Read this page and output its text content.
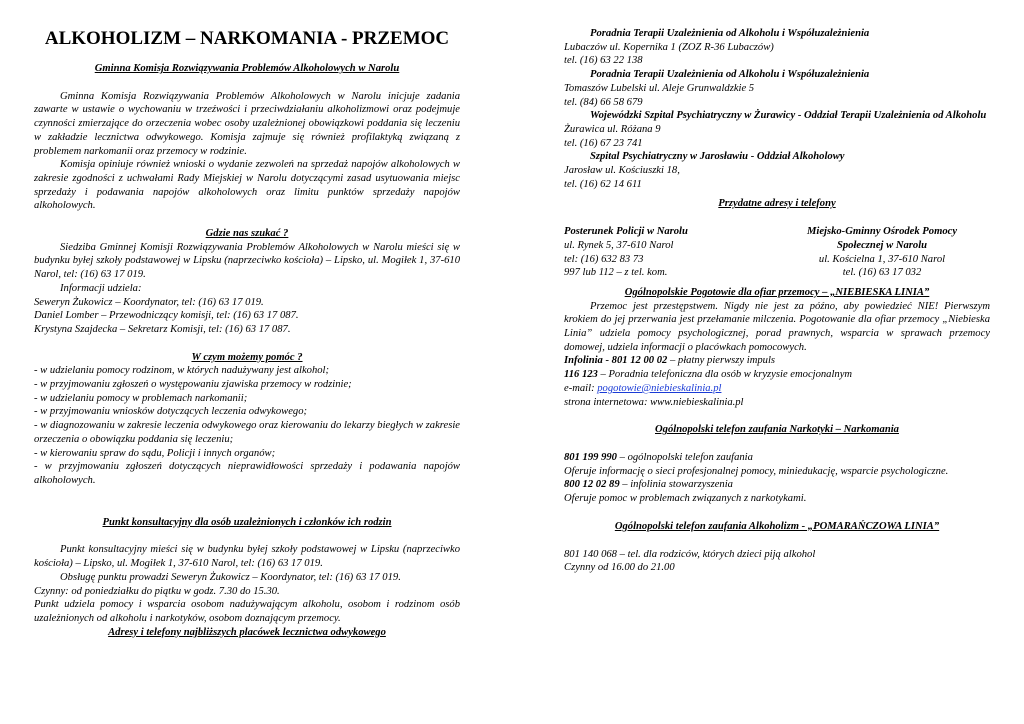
ALKOHOLIZM – NARKOMANIA - PRZEMOC

Gminna Komisja Rozwiązywania Problemów Alkoholowych w Narolu

Gminna Komisja Rozwiązywania Problemów Alkoholowych w Narolu inicjuje zadania zawarte w ustawie o wychowaniu w trzeźwości i przeciwdziałaniu alkoholizmowi oraz podejmuje czynności zmierzające do orzeczenia wobec osoby uzależnionej obowiązkowi poddania się leczeniu w zakładzie lecznictwa odwykowego. Komisja zajmuje się również profilaktyką związaną z problemem narkomanii oraz przemocy w rodzinie.

Komisja opiniuje również wnioski o wydanie zezwoleń na sprzedaż napojów alkoholowych w zakresie zgodności z uchwałami Rady Miejskiej w Narolu dotyczącymi zasad usytuowania miejsc sprzedaży i podawania napojów alkoholowych oraz limitu punktów sprzedaży napojów alkoholowych.

Gdzie nas szukać ?

Siedziba Gminnej Komisji Rozwiązywania Problemów Alkoholowych w Narolu mieści się w budynku byłej szkoły podstawowej w Lipsku (naprzeciwko kościoła) – Lipsko, ul. Mogiłek 1, 37-610 Narol, tel: (16) 63 17 019.

Informacji udziela:

Seweryn Żukowicz – Koordynator, tel: (16) 63 17 019.

Daniel Lomber – Przewodniczący komisji, tel: (16) 63 17 087.

Krystyna Szajdecka – Sekretarz Komisji, tel: (16) 63 17 087.

W czym możemy pomóc ?

- w udzielaniu pomocy rodzinom, w których nadużywany jest alkohol;

- w przyjmowaniu zgłoszeń o występowaniu zjawiska przemocy w rodzinie;

- w udzielaniu pomocy w problemach narkomanii;

- w przyjmowaniu wniosków dotyczących leczenia odwykowego;

- w diagnozowaniu w zakresie leczenia odwykowego oraz kierowaniu do lekarzy biegłych w zakresie orzeczenia o obowiązku poddania się leczeniu;

- w kierowaniu spraw do sądu, Policji i innych organów;

- w przyjmowaniu zgłoszeń dotyczących nieprawidłowości sprzedaży i podawania napojów alkoholowych.

Punkt konsultacyjny dla osób uzależnionych i członków ich rodzin

Punkt konsultacyjny mieści się w budynku byłej szkoły podstawowej w Lipsku (naprzeciwko kościoła) – Lipsko, ul. Mogiłek 1, 37-610 Narol, tel: (16) 63 17 019.

Obsługę punktu prowadzi Seweryn Żukowicz – Koordynator, tel: (16) 63 17 019.

Czynny: od poniedziałku do piątku w godz. 7.30 do 15.30.

Punkt udziela pomocy i wsparcia osobom nadużywającym alkoholu, osobom i rodzinom osób uzależnionych od alkoholu i narkotyków, osobom doznającym przemocy.

Adresy i telefony najbliższych placówek lecznictwa odwykowego

Poradnia Terapii Uzależnienia od Alkoholu i Współuzależnienia

Lubaczów ul. Kopernika 1 (ZOZ R-36 Lubaczów)

tel. (16) 63 22 138

Poradnia Terapii Uzależnienia od Alkoholu i Współuzależnienia

Tomaszów Lubelski ul. Aleje Grunwaldzkie 5

tel. (84) 66 58 679

Wojewódzki Szpital Psychiatryczny w Żurawicy - Oddział Terapii Uzależnienia od Alkoholu

Żurawica ul. Różana 9

tel. (16) 67 23 741

Szpital Psychiatryczny w Jarosławiu - Oddział Alkoholowy

Jarosław ul. Kościuszki 18,

tel. (16) 62 14 611

Przydatne adresy i telefony

Posterunek Policji w Narolu

ul. Rynek 5, 37-610 Narol

tel: (16) 632 83 73

997 lub 112 – z tel. kom.

Miejsko-Gminny Ośrodek Pomocy

Społecznej w Narolu

ul. Kościelna 1, 37-610 Narol

tel. (16) 63 17 032

Ogólnopolskie Pogotowie dla ofiar przemocy – „NIEBIESKA LINIA”

Przemoc jest przestępstwem. Nigdy nie jest za późno, aby powiedzieć NIE! Pierwszym krokiem do jej przerwania jest przełamanie milczenia. Pogotowanie dla ofiar przemocy „Niebieska Linia” udziela pomocy psychologicznej, porad prawnych, wsparcia w sprawach przemocy domowej, udziela informacji o placówkach pomocowych.

Infolinia - 801 12 00 02 – płatny pierwszy impuls

116 123 – Poradnia telefoniczna dla osób w kryzysie emocjonalnym

e-mail: pogotowie@niebieskalinia.pl

strona internetowa: www.niebieskalinia.pl

Ogólnopolski telefon zaufania Narkotyki – Narkomania

801 199 990 – ogólnopolski telefon zaufania

Oferuje informację o sieci profesjonalnej pomocy, miniedukację, wsparcie psychologiczne.

800 12 02 89 – infolinia stowarzyszenia

Oferuje pomoc w problemach związanych z narkotykami.

Ogólnopolski telefon zaufania Alkoholizm - „POMARAŃCZOWA LINIA”

801 140 068 – tel. dla rodziców, których dzieci piją alkohol

Czynny od 16.00 do 21.00
